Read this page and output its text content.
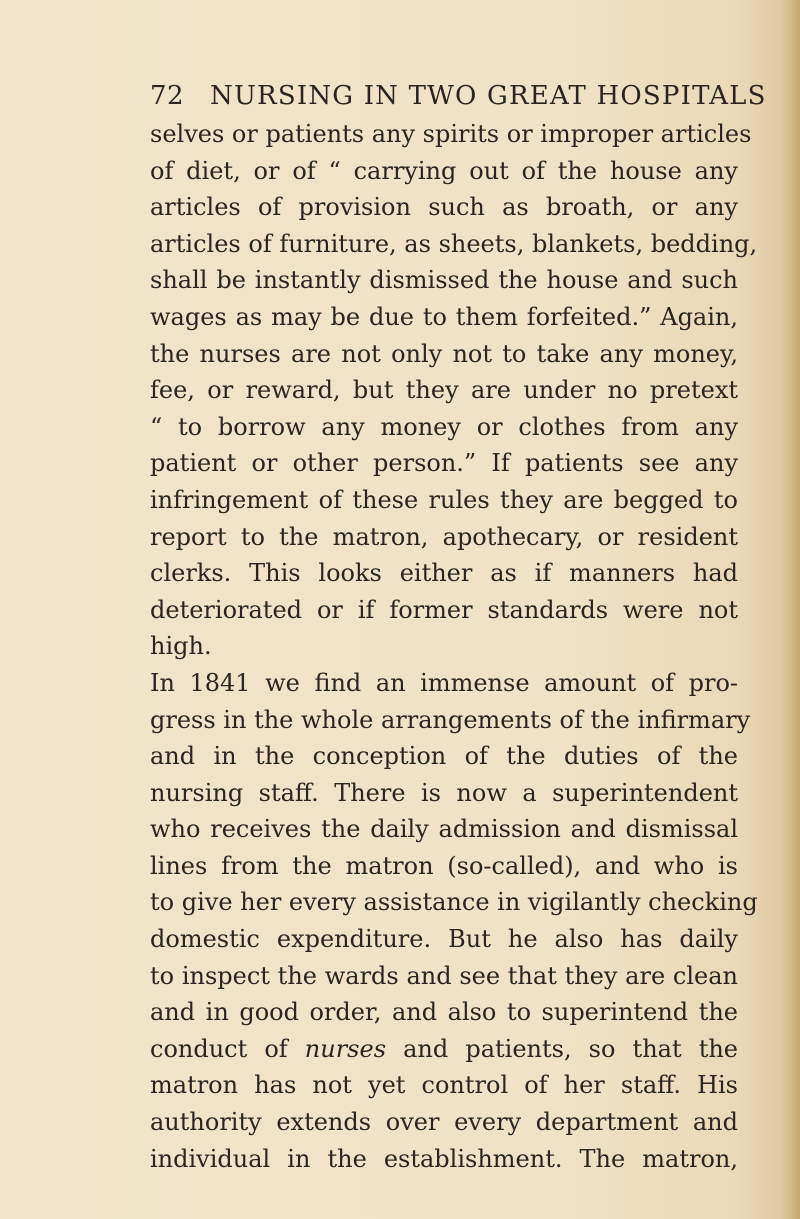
72 NURSING IN TWO GREAT HOSPITALS
selves or patients any spirits or improper articles
of diet, or of “ carrying out of the house any
articles of provision such as broath, or any
articles of furniture, as sheets, blankets, bedding,
shall be instantly dismissed the house and such
wages as may be due to them forfeited.” Again,
the nurses are not only not to take any money,
fee, or reward, but they are under no pretext
“ to borrow any money or clothes from any
patient or other person.” If patients see any
infringement of these rules they are begged to
report to the matron, apothecary, or resident
clerks. This looks either as if manners had
deteriorated or if former standards were not
high.
In 1841 we find an immense amount of pro-
gress in the whole arrangements of the infirmary
and in the conception of the duties of the
nursing staff. There is now a superintendent
who receives the daily admission and dismissal
lines from the matron (so-called), and who is
to give her every assistance in vigilantly checking
domestic expenditure. But he also has daily
to inspect the wards and see that they are clean
and in good order, and also to superintend the
conduct of nurses and patients, so that the
matron has not yet control of her staff. His
authority extends over every department and
individual in the establishment. The matron,
